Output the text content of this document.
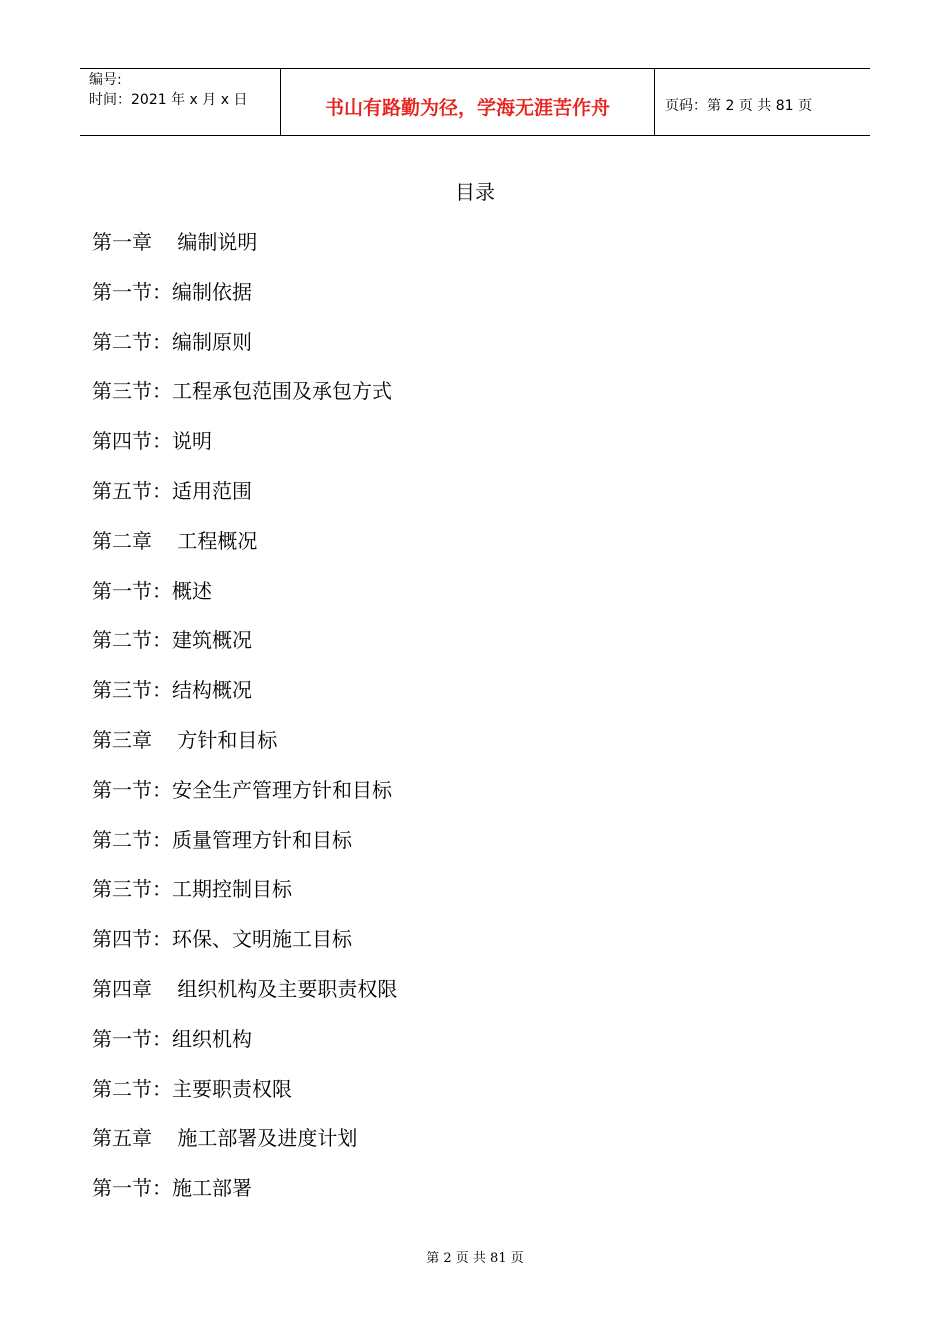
编号:
时间：2021 年 x 月 x 日	书山有路勤为径，学海无涯苦作舟	页码：第 2 页 共 81 页
目录
第一章    编制说明
第一节：编制依据
第二节：编制原则
第三节：工程承包范围及承包方式
第四节：说明
第五节：适用范围
第二章    工程概况
第一节：概述
第二节：建筑概况
第三节：结构概况
第三章    方针和目标
第一节：安全生产管理方针和目标
第二节：质量管理方针和目标
第三节：工期控制目标
第四节：环保、文明施工目标
第四章    组织机构及主要职责权限
第一节：组织机构
第二节：主要职责权限
第五章    施工部署及进度计划
第一节：施工部署
第 2 页 共 81 页
